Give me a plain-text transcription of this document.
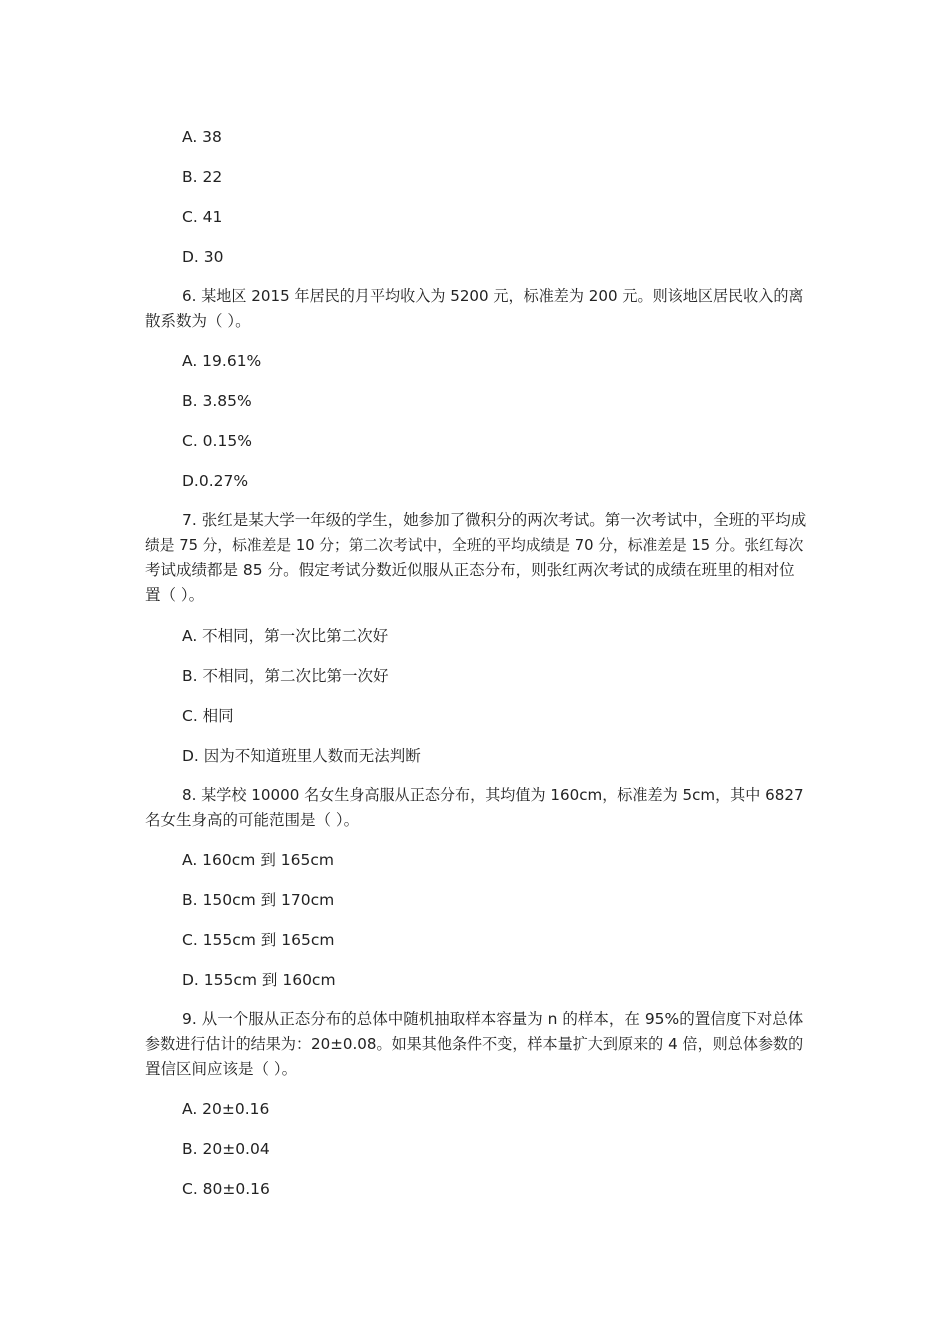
A. 38
B. 22
C. 41
D. 30
6. 某地区 2015 年居民的月平均收入为 5200 元，标准差为 200 元。则该地区居民收入的离
散系数为（ ）。
A. 19.61%
B. 3.85%
C. 0.15%
D.0.27%
7. 张红是某大学一年级的学生，她参加了微积分的两次考试。第一次考试中，全班的平均成
绩是 75 分，标准差是 10 分；第二次考试中，全班的平均成绩是 70 分，标准差是 15 分。张红每次
考试成绩都是 85 分。假定考试分数近似服从正态分布，则张红两次考试的成绩在班里的相对位
置（ ）。
A. 不相同，第一次比第二次好
B. 不相同，第二次比第一次好
C. 相同
D. 因为不知道班里人数而无法判断
8. 某学校 10000 名女生身高服从正态分布，其均值为 160cm，标准差为 5cm，其中 6827
名女生身高的可能范围是（ ）。
A. 160cm 到 165cm
B. 150cm 到 170cm
C. 155cm 到 165cm
D. 155cm 到 160cm
9. 从一个服从正态分布的总体中随机抽取样本容量为 n 的样本，在 95%的置信度下对总体
参数进行估计的结果为：20±0.08。如果其他条件不变，样本量扩大到原来的 4 倍，则总体参数的
置信区间应该是（ ）。
A. 20±0.16
B. 20±0.04
C. 80±0.16
